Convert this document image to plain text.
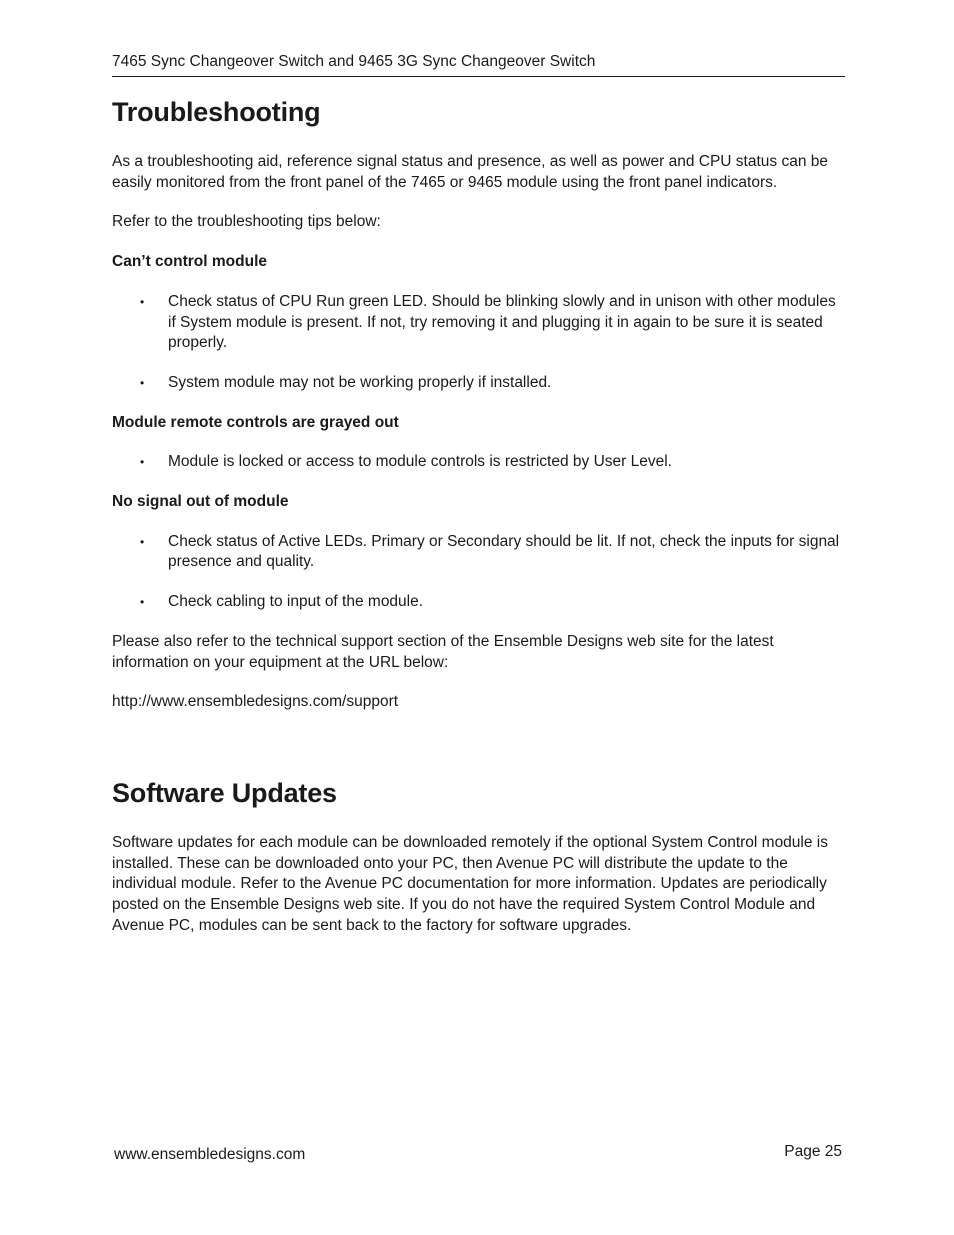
7465 Sync Changeover Switch and 9465 3G Sync Changeover Switch
Troubleshooting

As a troubleshooting aid, reference signal status and presence, as well as power and CPU status can be easily monitored from the front panel of the 7465 or 9465 module using the front panel indicators.

Refer to the troubleshooting tips below:

Can’t control module
• Check status of CPU Run green LED. Should be blinking slowly and in unison with other modules if System module is present. If not, try removing it and plugging it in again to be sure it is seated properly.
• System module may not be working properly if installed.
Module remote controls are grayed out
• Module is locked or access to module controls is restricted by User Level.
No signal out of module
• Check status of Active LEDs. Primary or Secondary should be lit. If not, check the inputs for signal presence and quality.
• Check cabling to input of the module.

Please also refer to the technical support section of the Ensemble Designs web site for the latest information on your equipment at the URL below:

http://www.ensembledesigns.com/support

Software Updates

Software updates for each module can be downloaded remotely if the optional System Control module is installed. These can be downloaded onto your PC, then Avenue PC will distribute the update to the individual module. Refer to the Avenue PC documentation for more information. Updates are periodically posted on the Ensemble Designs web site. If you do not have the required System Control Module and Avenue PC, modules can be sent back to the factory for software upgrades.

www.ensembledesigns.com	Page 25
